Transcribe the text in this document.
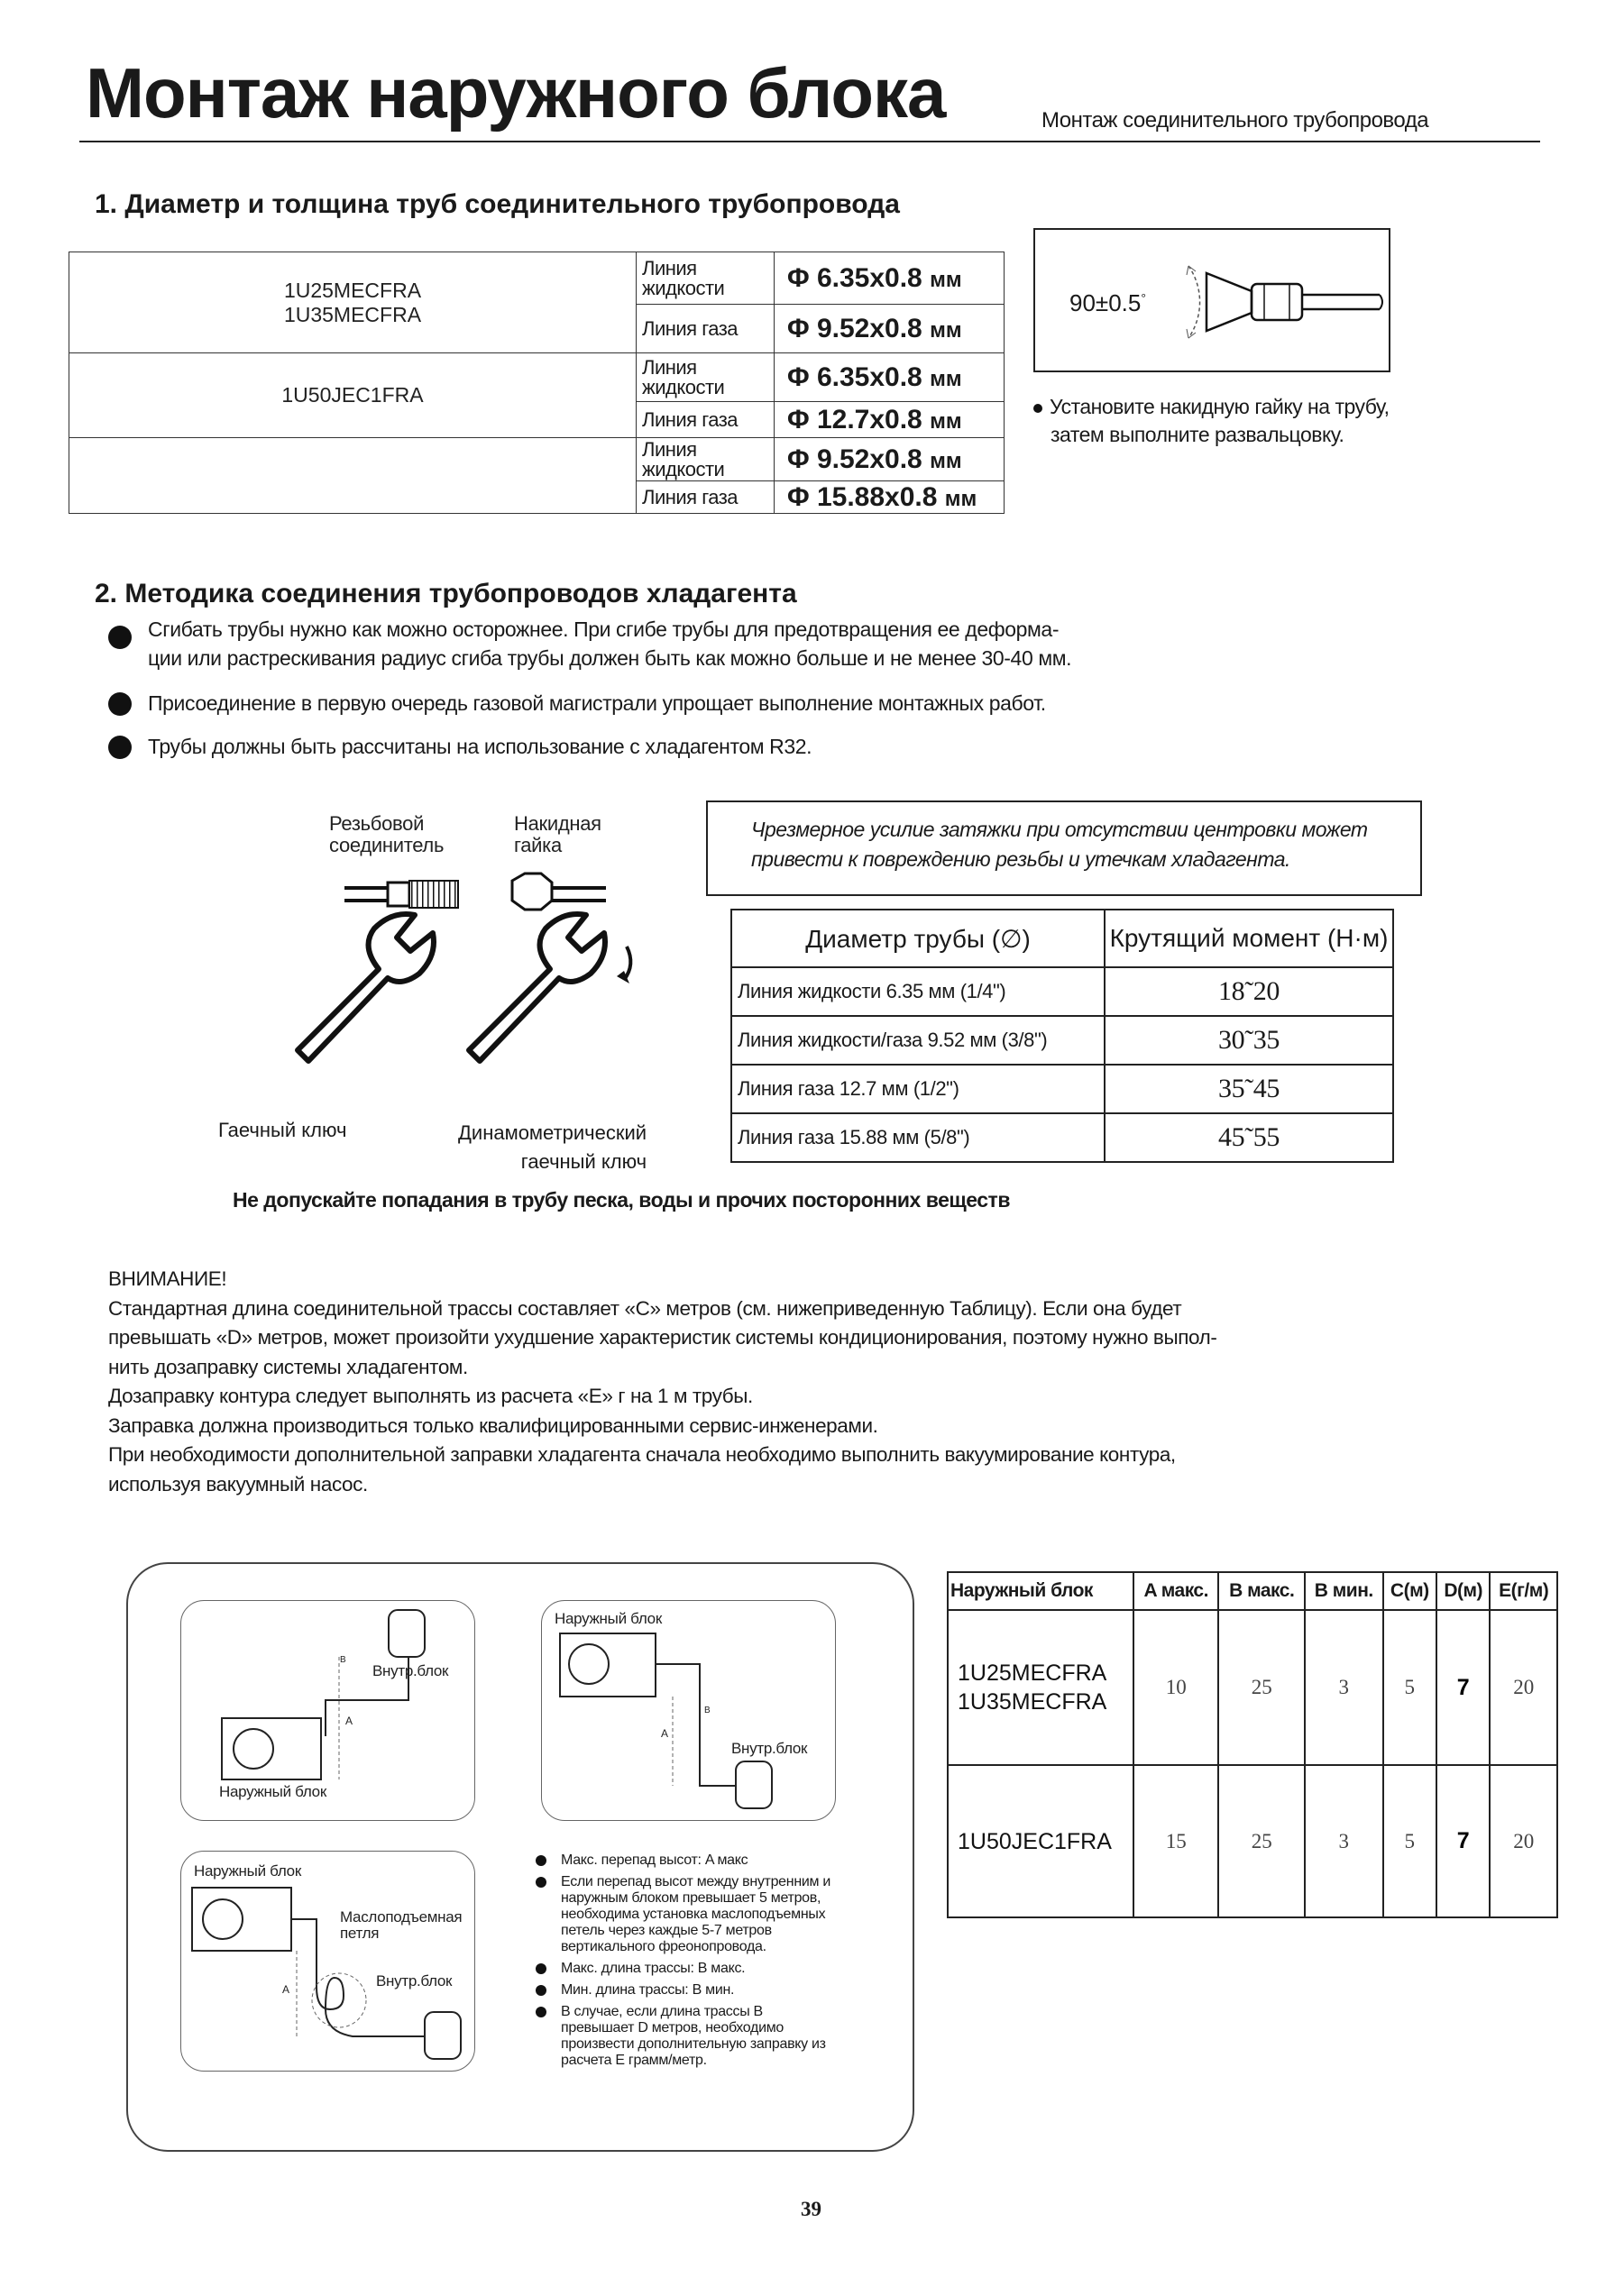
Монтаж наружного блока	Монтаж соединительного трубопровода
1. Диаметр и толщина труб соединительного трубопровода
1U25MECFRA
1U35MECFRA	Линия жидкости	Φ 6.35x0.8 мм
	Линия газа	Φ 9.52x0.8 мм

1U50JEC1FRA	Линия жидкости	Φ 6.35x0.8 мм
	Линия газа	Φ 12.7x0.8 мм
	Линия жидкости	Φ 9.52x0.8 мм
	Линия газа	Φ 15.88x0.8 мм
90±0.5°
Установите накидную гайку на трубу,
затем выполните развальцовку.
2. Методика соединения трубопроводов хладагента
Сгибать трубы нужно как можно осторожнее. При сгибе трубы для предотвращения ее деформа-
ции или растрескивания радиус сгиба трубы должен быть как можно больше и не менее 30-40 мм.
Присоединение в первую очередь газовой магистрали упрощает выполнение монтажных работ.
Трубы должны быть рассчитаны на использование с хладагентом R32.
Резьбовой
соединитель
Накидная
гайка
Гаечный ключ	Динамометрический
гаечный ключ
Не допускайте попадания в трубу песка, воды и прочих посторонних веществ
Чрезмерное усилие затяжки при отсутствии центровки может
привести к повреждению резьбы и утечкам хладагента.
Диаметр трубы (∅)	Крутящий момент (Н·м)
Линия жидкости 6.35 мм (1/4")	18˜20
Линия жидкости/газа 9.52 мм (3/8")	30˜35
Линия газа 12.7 мм (1/2")	35˜45
Линия газа 15.88 мм (5/8")	45˜55
ВНИМАНИЕ!
Стандартная длина соединительной трассы составляет «C» метров (см. нижеприведенную Таблицу). Если она будет
превышать «D» метров, может произойти ухудшение характеристик системы кондиционирования, поэтому нужно выпол-
нить дозаправку системы хладагентом.
Дозаправку контура следует выполнять из расчета «E» г на 1 м трубы.
Заправка должна производиться только квалифицированными сервис-инженерами.
При необходимости дополнительной заправки хладагента сначала необходимо выполнить вакуумирование контура,
используя вакуумный насос.
B
Внутр.блок
A
Наружный блок
Наружный блок
B
A
Внутр.блок
Наружный блок
Маслоподъемная
петля
Внутр.блок
A
Макс. перепад высот: A макс
Если перепад высот между внутренним и
наружным блоком превышает 5 метров,
необходима установка маслоподъемных
петель через каждые 5-7 метров
вертикального фреонопровода.
Макс. длина трассы: B макс.
Мин. длина трассы: B мин.
В случае, если длина трассы B
превышает D метров, необходимо
произвести дополнительную заправку из
расчета E грамм/метр.
Наружный блок	A макс.	B макс.	B мин.	C(м)	D(м)	E(г/м)

1U25MECFRA
1U35MECFRA	10	25	3	5	7	20
1U50JEC1FRA	15	25	3	5	7	20
39
